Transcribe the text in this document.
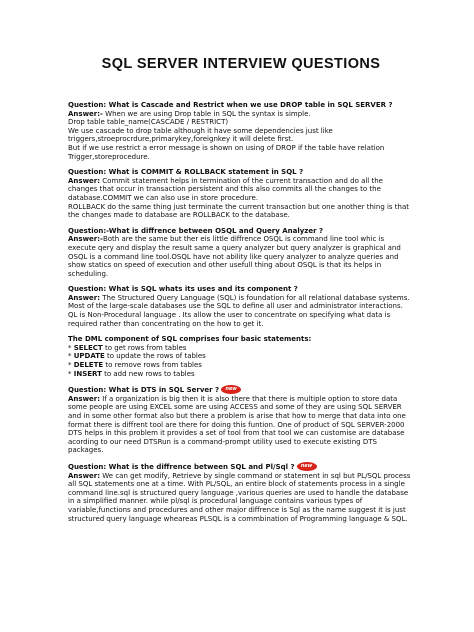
SQL SERVER INTERVIEW QUESTIONS
Question: What is Cascade and Restrict when we use DROP table in SQL SERVER ?
Answer:- When we are using Drop table in SQL the syntax is simple.
Drop table table_name(CASCADE / RESTRICT)
We use cascade to drop table although it have some dependencies just like triggers,stroeprocrdure,primarykey,foreignkey it will delete first.
But if we use restrict a error message is shown on using of DROP if the table have relation Trigger,storeprocedure.
Question: What is COMMIT & ROLLBACK statement in SQL ?
Answer: Commit statement helps in termination of the current transaction and do all the changes that occur in transaction persistent and this also commits all the changes to the database.COMMIT we can also use in store procedure.
ROLLBACK do the same thing just terminate the current transaction but one another thing is that the changes made to database are ROLLBACK to the database.
Question:-What is diffrence between OSQL and Query Analyzer ?
Answer:-Both are the same but ther eis little diffrence OSQL is command line tool whic is execute qery and display the result same a query analyzer but query analyzer is graphical and OSQL is a command line tool.OSQL have not ability like query analyzer to analyze queries and show statics on speed of execution and other usefull thing about OSQL is that its helps in scheduling.
Question: What is SQL whats its uses and its component ?
Answer: The Structured Query Language (SQL) is foundation for all relational database systems. Most of the large-scale databases use the SQL to define all user and administrator interactions. QL is Non-Procedural language . Its allow the user to concentrate on specifying what data is required rather than concentrating on the how to get it.
The DML component of SQL comprises four basic statements:
* SELECT to get rows from tables
* UPDATE to update the rows of tables
* DELETE to remove rows from tables
* INSERT to add new rows to tables
Question: What is DTS in SQL Server ? new
Answer: If a organization is big then it is also there that there is multiple option to store data some people are using EXCEL some are using ACCESS and some of they are using SQL SERVER and in some other format also but there a problem is arise that how to merge that data into one format there is diffrent tool are there for doing this funtion. One of product of SQL SERVER-2000 DTS helps in this problem it provides a set of tool from that tool we can customise are database acording to our need DTSRun is a command-prompt utility used to execute existing DTS packages.
Question: What is the diffrence between SQL and Pl/Sql ? new
Answer: We can get modify, Retrieve by single command or statement in sql but PL/SQL process all SQL statements one at a time. With PL/SQL, an entire block of statements process in a single command line.sql is structured query language ,various queries are used to handle the database in a simplified manner. while pl/sql is procedural language contains various types of variable,functions and procedures and other major diffrence is Sql as the name suggest it is just structured query language wheareas PLSQL is a commbination of Programming language & SQL.
